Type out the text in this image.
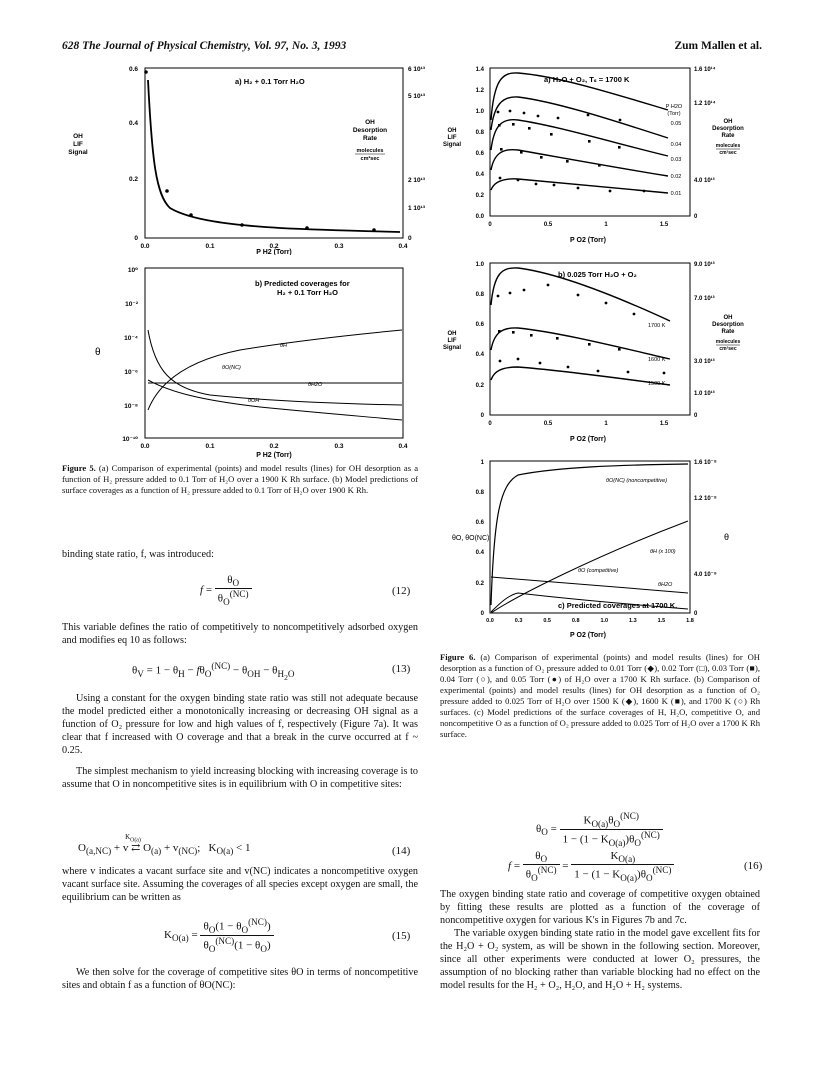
628 The Journal of Physical Chemistry, Vol. 97, No. 3, 1993	Zum Mallen et al.
0.6
0.4
0.2
0
6 10¹³
5 10¹³
2 10¹³
1 10¹³
0
0.0	0.1	0.2	0.3	0.4
OH
LIF
Signal
OH
Desorption
Rate
molecules
cm²sec
a) H₂ + 0.1 Torr H₂O
P H2 (Torr)
10⁰
10⁻²
10⁻⁴
10⁻⁶
10⁻⁸
10⁻¹⁰
0.0	0.1	0.2	0.3	0.4
θ
b) Predicted coverages for
H₂ + 0.1 Torr H₂O
P H2 (Torr)
θH
θO(NC)
θH2O
θOH
Figure 5. (a) Comparison of experimental (points) and model results (lines) for OH desorption as a function of H₂ pressure added to 0.1 Torr of H₂O over a 1900 K Rh surface. (b) Model predictions of surface coverages as a function of H₂ pressure added to 0.1 Torr of H₂O over 1900 K Rh.
1.4
1.2
1.0
0.8
0.6
0.4
0.2
0.0
1.6 10¹⁴
1.2 10¹⁴
4.0 10¹³
0
0	0.5	1	1.5
OH
LIF
Signal
OH
Desorption
Rate
molecules
cm²sec
a) H₂O + O₂, Tₛ = 1700 K
P O2 (Torr)
P H2O
(Torr)
0.05
0.04
0.03
0.02
0.01
1.0
0.8
0.6
0.4
0.2
0
9.0 10¹³
7.0 10¹³
3.0 10¹³
1.0 10¹³
0
0	0.5	1	1.5
OH
LIF
Signal
OH
Desorption
Rate
molecules
cm²sec
b) 0.025 Torr H₂O + O₂
P O2 (Torr)
1700 K
1600 K
1500 K
1
0.8
0.6
0.4
0.2
0
1.6 10⁻⁸
1.2 10⁻⁸
4.0 10⁻⁹
0
0.0	0.3	0.5	0.8	1.0	1.3	1.5	1.8
θO, θO(NC)	θ
c) Predicted coverages at 1700 K.
P O2 (Torr)
θO(NC) (noncompetitive)
θH (x 100)
θO (competitive)
θH2O
Figure 6. (a) Comparison of experimental (points) and model results (lines) for OH desorption as a function of O₂ pressure added to 0.01 Torr (◆), 0.02 Torr (□), 0.03 Torr (■), 0.04 Torr (○), and 0.05 Torr (●) of H₂O over a 1700 K Rh surface. (b) Comparison of experimental (points) and model results (lines) for OH desorption as a function of O₂ pressure added to 0.025 Torr of H₂O over 1500 K (◆), 1600 K (■), and 1700 K (○) Rh surfaces. (c) Model predictions of the surface coverages of H, H₂O, competitive O, and noncompetitive O as a function of O₂ pressure added to 0.025 Torr of H₂O over a 1700 K Rh surface.

binding state ratio, f, was introduced:

$f = \frac{\theta_O}{\theta_O^{(NC)}}$	(12)

This variable defines the ratio of competitively to noncompetitively adsorbed oxygen and modifies eq 10 as follows:

$\theta_V = 1 - \theta_H - f\theta_O^{(NC)} - \theta_{OH} - \theta_{H_2O}$	(13)

Using a constant for the oxygen binding state ratio was still not adequate because the model predicted either a monotonically increasing or decreasing OH signal as a function of O₂ pressure for low and high values of f, respectively (Figure 7a). It was clear that f increased with O coverage and that a break in the curve occurred at f ~ 0.25.

The simplest mechanism to yield increasing blocking with increasing coverage is to assume that O in noncompetitive sites is in equilibrium with O in competitive sites:

$O_{(a,NC)} + v$ ⇄
$K_{O(a)}$
$O_{(a)} + v_{(NC)}$;   $K_{O(a)} < 1$	(14)

where v indicates a vacant surface site and v(NC) indicates a noncompetitive oxygen vacant surface site. Assuming the coverages of all species except oxygen are small, the equilibrium can be written as

$K_{O(a)} = \frac{\theta_O(1 - \theta_O^{(NC)})}{\theta_O^{(NC)}(1 - \theta_O)}$	(15)

We then solve for the coverage of competitive sites θO in terms of noncompetitive sites and obtain f as a function of θO(NC):

$\theta_O = \frac{K_{O(a)}\theta_O^{(NC)}}{1 - (1 - K_{O(a)})\theta_O^{(NC)}}$
$f = \frac{\theta_O}{\theta_O^{(NC)}} = \frac{K_{O(a)}}{1 - (1 - K_{O(a)})\theta_O^{(NC)}}$	(16)

The oxygen binding state ratio and coverage of competitive oxygen obtained by fitting these results are plotted as a function of the coverage of noncompetitive oxygen for various K's in Figures 7b and 7c.

The variable oxygen binding state ratio in the model gave excellent fits for the H₂O + O₂ system, as will be shown in the following section. Moreover, since all other experiments were conducted at lower O₂ pressures, the assumption of no blocking rather than variable blocking had no effect on the model results for the H₂ + O₂, H₂O, and H₂O + H₂ systems.
